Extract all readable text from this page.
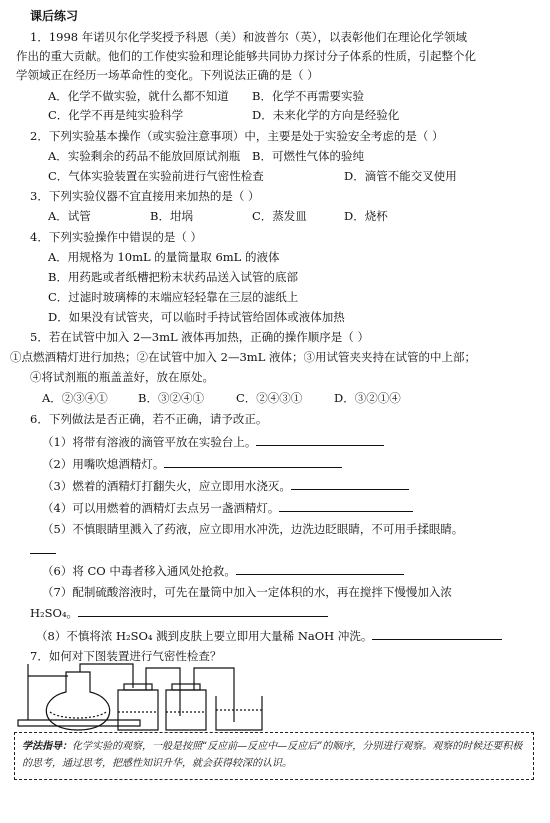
课后练习
1．1998 年诺贝尔化学奖授予科恩（美）和波普尔（英），以表彰他们在理论化学领域
作出的重大贡献。他们的工作使实验和理论能够共同协力探讨分子体系的性质，引起整个化
学领域正在经历一场革命性的变化。下列说法正确的是（ ）
A．化学不做实验，就什么都不知道 B．化学不再需要实验
C．化学不再是纯实验科学	D．未来化学的方向是经验化
2．下列实验基本操作（或实验注意事项）中，主要是处于实验安全考虑的是（ ）
A．实验剩余的药品不能放回原试剂瓶 B．可燃性气体的验纯
C．气体实验装置在实验前进行气密性检查	D．滴管不能交叉使用
3．下列实验仪器不宜直接用来加热的是（ ）
A．试管	B．坩埚	C．蒸发皿	D．烧杯
4．下列实验操作中错误的是（ ）
A．用规格为 10mL 的量筒量取 6mL 的液体
B．用药匙或者纸槽把粉末状药品送入试管的底部
C．过滤时玻璃棒的末端应轻轻靠在三层的滤纸上
D．如果没有试管夹，可以临时手持试管给固体或液体加热
5．若在试管中加入 2—3mL 液体再加热，正确的操作顺序是（ ）
①点燃酒精灯进行加热；②在试管中加入 2—3mL 液体；③用试管夹夹持在试管的中上部；
④将试剂瓶的瓶盖盖好，放在原处。
A．②③④①	B．③②④①	C．②④③①	D．③②①④
6．下列做法是否正确，若不正确，请予改正。
（1）将带有溶液的滴管平放在实验台上。
（2）用嘴吹熄酒精灯。
（3）燃着的酒精灯打翻失火，应立即用水浇灭。
（4）可以用燃着的酒精灯去点另一盏酒精灯。
（5）不慎眼睛里溅入了药液，应立即用水冲洗，边洗边眨眼睛，不可用手揉眼睛。
（6）将 CO 中毒者移入通风处抢救。
（7）配制硫酸溶液时，可先在量筒中加入一定体积的水，再在搅拌下慢慢加入浓
H₂SO₄。
（8）不慎将浓 H₂SO₄ 溅到皮肤上要立即用大量稀 NaOH 冲洗。
7．如何对下图装置进行气密性检查？
学法指导：化学实验的观察，一般是按照“反应前—反应中—反应后”的顺序，分别进行观察。观察的时候还要积极的思考，通过思考，把感性知识升华，就会获得较深的认识。
